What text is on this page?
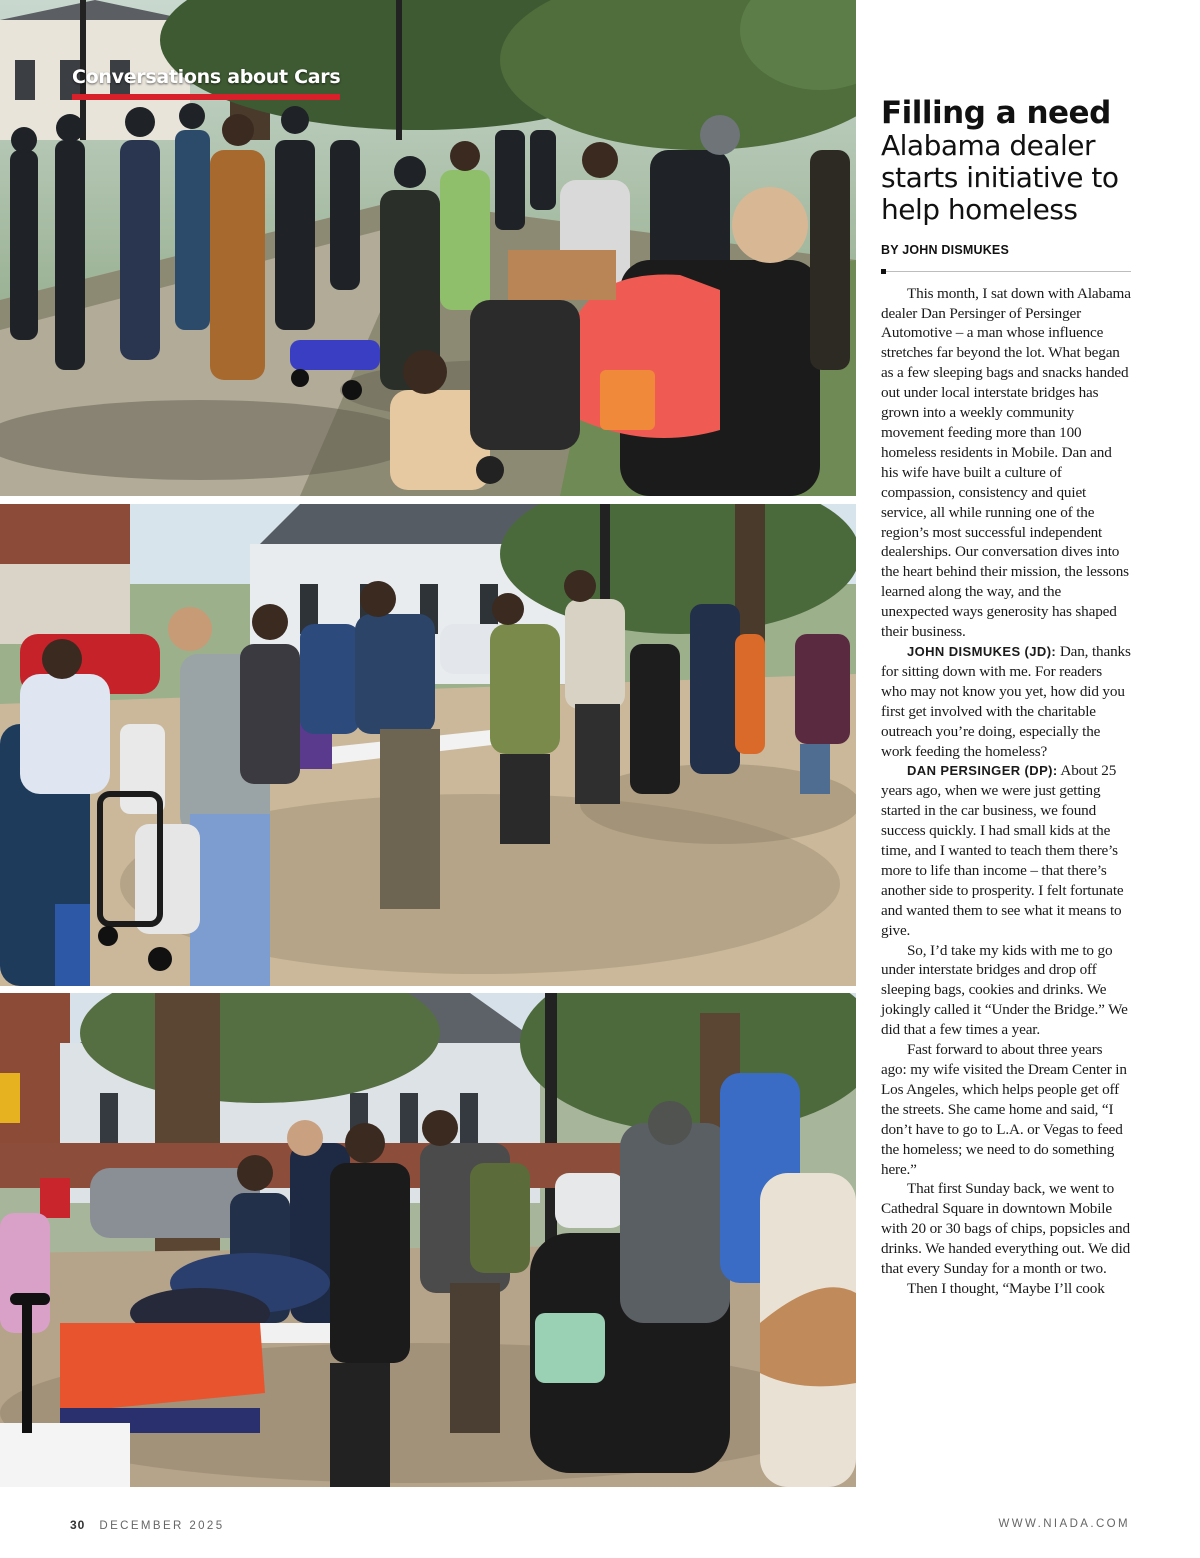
Conversations about Cars
Filling a need
Alabama dealer starts initiative to help homeless
BY JOHN DISMUKES

This month, I sat down with Alabama dealer Dan Persinger of Persinger Automotive – a man whose influence stretches far beyond the lot. What began as a few sleeping bags and snacks handed out under local interstate bridges has grown into a weekly community movement feeding more than 100 homeless residents in Mobile. Dan and his wife have built a culture of compassion, consistency and quiet service, all while running one of the region’s most successful independent dealerships. Our conversation dives into the heart behind their mission, the lessons learned along the way, and the unexpected ways generosity has shaped their business.

JOHN DISMUKES (JD): Dan, thanks for sitting down with me. For readers who may not know you yet, how did you first get involved with the charitable outreach you’re doing, especially the work feeding the homeless?

DAN PERSINGER (DP): About 25 years ago, when we were just getting started in the car business, we found success quickly. I had small kids at the time, and I wanted to teach them there’s more to life than income – that there’s another side to prosperity. I felt fortunate and wanted them to see what it means to give.

So, I’d take my kids with me to go under interstate bridges and drop off sleeping bags, cookies and drinks. We jokingly called it “Under the Bridge.” We did that a few times a year.

Fast forward to about three years ago: my wife visited the Dream Center in Los Angeles, which helps people get off the streets. She came home and said, “I don’t have to go to L.A. or Vegas to feed the homeless; we need to do something here.”

That first Sunday back, we went to Cathedral Square in downtown Mobile with 20 or 30 bags of chips, popsicles and drinks. We handed everything out. We did that every Sunday for a month or two.

Then I thought, “Maybe I’ll cook

30 DECEMBER 2025	WWW.NIADA.COM
